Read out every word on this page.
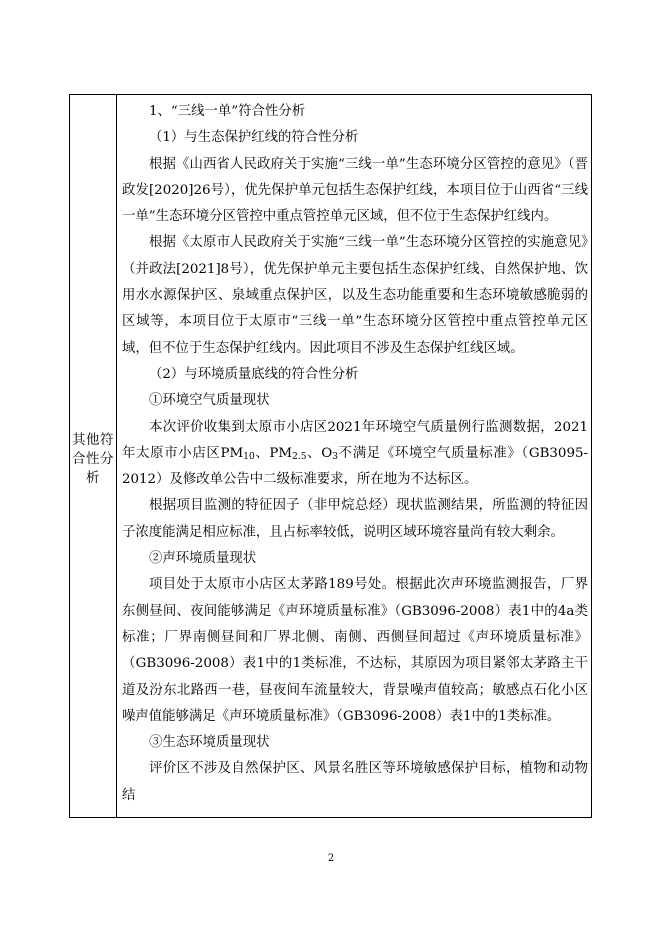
其他符合性分析

1、“三线一单”符合性分析

（1）与生态保护红线的符合性分析

根据《山西省人民政府关于实施“三线一单”生态环境分区管控的意见》（晋政发[2020]26号），优先保护单元包括生态保护红线，本项目位于山西省“三线一单”生态环境分区管控中重点管控单元区域，但不位于生态保护红线内。

根据《太原市人民政府关于实施“三线一单”生态环境分区管控的实施意见》（并政法[2021]8号），优先保护单元主要包括生态保护红线、自然保护地、饮用水水源保护区、泉域重点保护区，以及生态功能重要和生态环境敏感脆弱的区域等，本项目位于太原市“三线一单”生态环境分区管控中重点管控单元区域，但不位于生态保护红线内。因此项目不涉及生态保护红线区域。

（2）与环境质量底线的符合性分析

①环境空气质量现状

本次评价收集到太原市小店区2021年环境空气质量例行监测数据，2021年太原市小店区$PM_{10}$、$PM_{2.5}$、$O_3$不满足《环境空气质量标准》（GB3095-2012）及修改单公告中二级标准要求，所在地为不达标区。

根据项目监测的特征因子（非甲烷总烃）现状监测结果，所监测的特征因子浓度能满足相应标准，且占标率较低，说明区域环境容量尚有较大剩余。

②声环境质量现状

项目处于太原市小店区太茅路189号处。根据此次声环境监测报告，厂界东侧昼间、夜间能够满足《声环境质量标准》（GB3096-2008）表1中的4a类标准；厂界南侧昼间和厂界北侧、南侧、西侧昼间超过《声环境质量标准》（GB3096-2008）表1中的1类标准，不达标，其原因为项目紧邻太茅路主干道及汾东北路西一巷，昼夜间车流量较大，背景噪声值较高；敏感点石化小区噪声值能够满足《声环境质量标准》（GB3096-2008）表1中的1类标准。

③生态环境质量现状

评价区不涉及自然保护区、风景名胜区等环境敏感保护目标，植物和动物结

2
